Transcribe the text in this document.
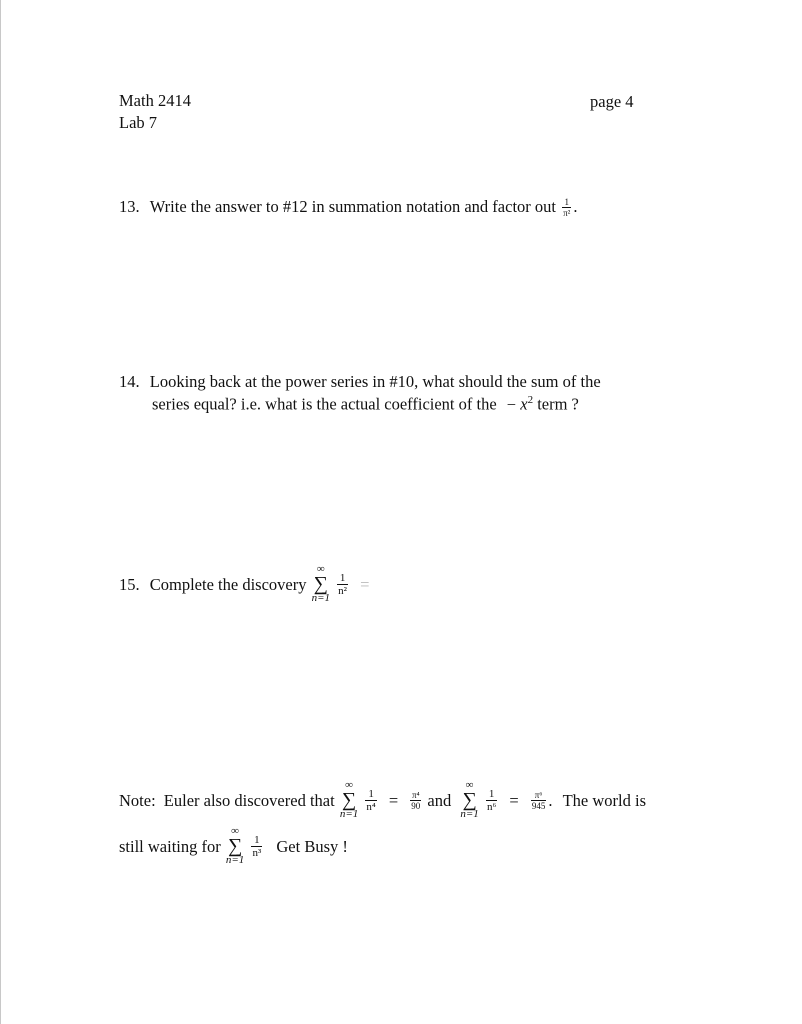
Math 2414
Lab 7
page 4
13. Write the answer to #12 in summation notation and factor out $\frac{1}{\text{π²}}$ .
14. Looking back at the power series in #10, what should the sum of the
series equal? i.e. what is the actual coefficient of the − $x^2$ term ?
15. Complete the discovery
∞
∑
n=1

$\frac{1}{\text{n²}}$ =
Note: Euler also discovered that
∞
∑
n=1

$\frac{1}{\text{n⁴}} = \frac{\text{π⁴}}{90}$ and
∞
∑
n=1

$\frac{1}{\text{n⁶}} = \frac{\text{π⁶}}{945}$ . The world is
still waiting for
∞
∑
n=1

$\frac{1}{\text{n³}}$ Get Busy !
